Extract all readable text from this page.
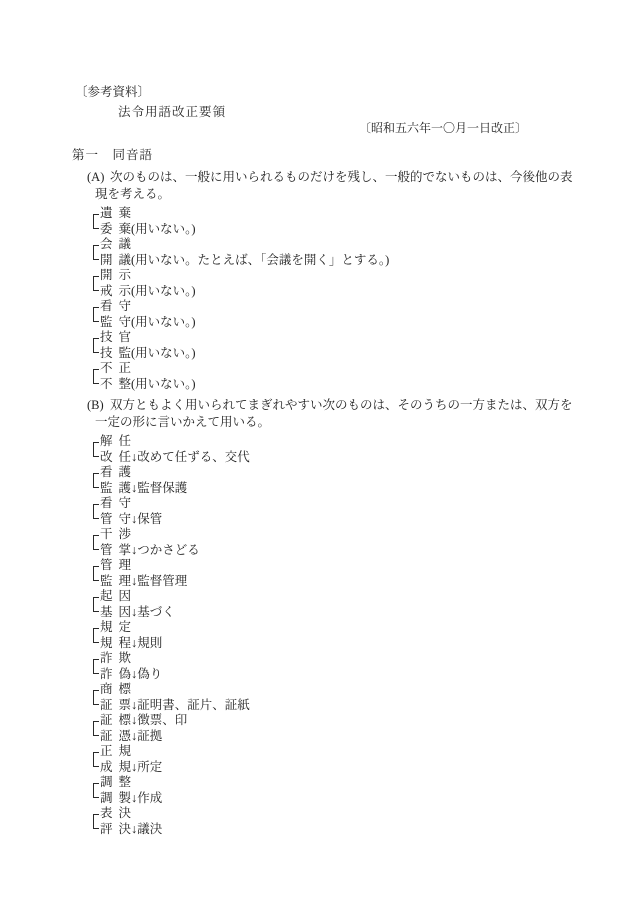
〔参考資料〕
法令用語改正要領
〔昭和五六年一〇月一日改正〕
第一　同音語
(A) 次のものは、一般に用いられるものだけを残し、一般的でないものは、今後他の表
現を考える。
遺 棄
委 棄(用いない。)
会 議
開 議(用いない。たとえば、「会議を開く」とする。)
開 示
戒 示(用いない。)
看 守
監 守(用いない。)
技 官
技 監(用いない。)
不 正
不 整(用いない。)
(B) 双方ともよく用いられてまぎれやすい次のものは、そのうちの一方または、双方を
一定の形に言いかえて用いる。
解 任
改 任↓改めて任ずる、交代
看 護
監 護↓監督保護
看 守
管 守↓保管
干 渉
管 掌↓つかさどる
管 理
監 理↓監督管理
起 因
基 因↓基づく
規 定
規 程↓規則
詐 欺
詐 偽↓偽り
商 標
証 票↓証明書、証片、証紙
証 標↓徴票、印
証 憑↓証拠
正 規
成 規↓所定
調 整
調 製↓作成
表 決
評 決↓議決
